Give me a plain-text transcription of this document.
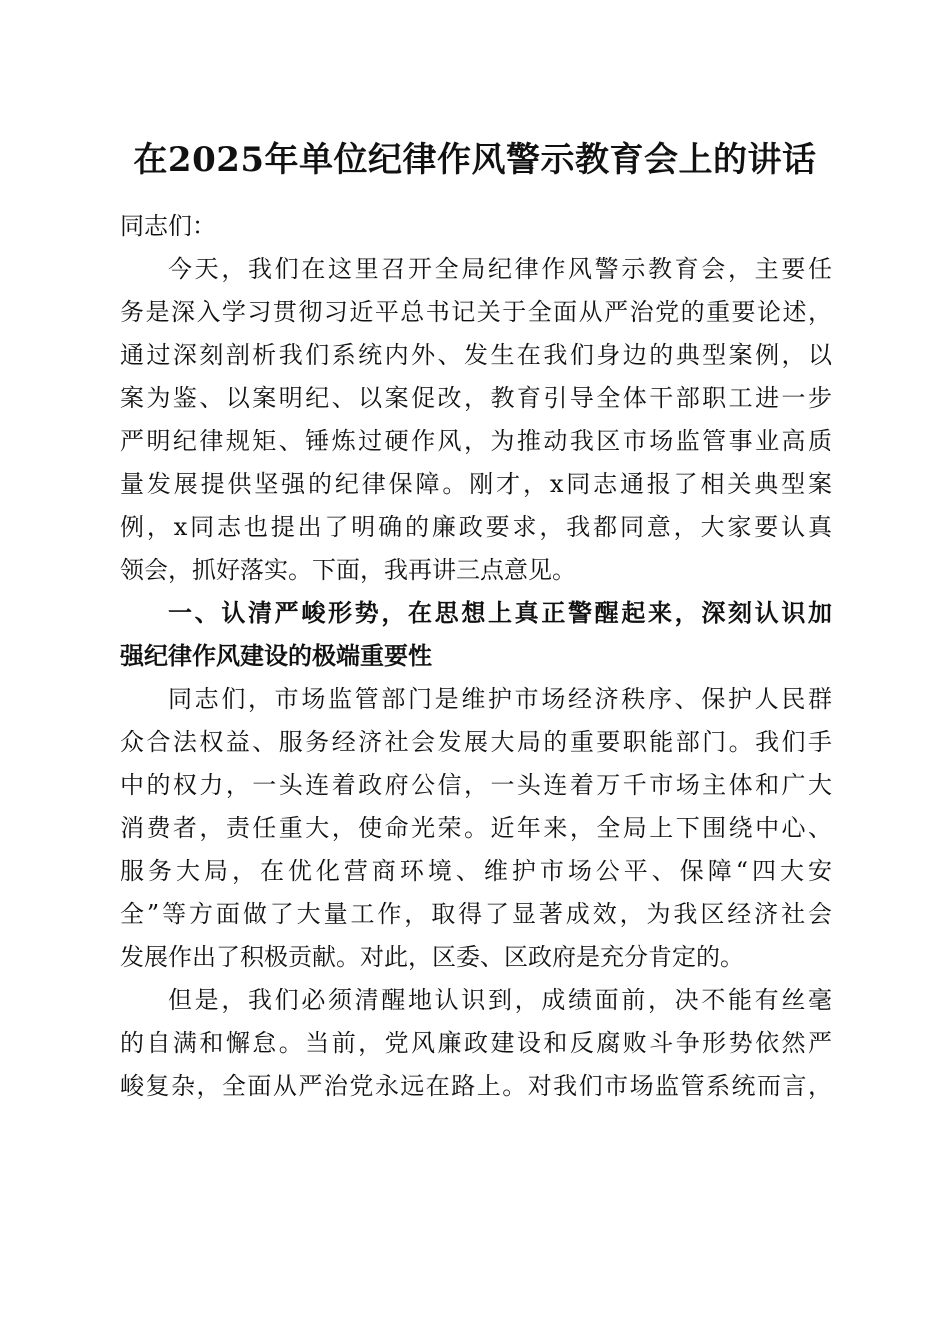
在2025年单位纪律作风警示教育会上的讲话
同志们：
今天，我们在这里召开全局纪律作风警示教育会，主要任
务是深入学习贯彻习近平总书记关于全面从严治党的重要论述，
通过深刻剖析我们系统内外、发生在我们身边的典型案例，以
案为鉴、以案明纪、以案促改，教育引导全体干部职工进一步
严明纪律规矩、锤炼过硬作风，为推动我区市场监管事业高质
量发展提供坚强的纪律保障。刚才，x同志通报了相关典型案
例，x同志也提出了明确的廉政要求，我都同意，大家要认真
领会，抓好落实。下面，我再讲三点意见。
一、认清严峻形势，在思想上真正警醒起来，深刻认识加
强纪律作风建设的极端重要性
同志们，市场监管部门是维护市场经济秩序、保护人民群
众合法权益、服务经济社会发展大局的重要职能部门。我们手
中的权力，一头连着政府公信，一头连着万千市场主体和广大
消费者，责任重大，使命光荣。近年来，全局上下围绕中心、
服务大局，在优化营商环境、维护市场公平、保障“四大安
全”等方面做了大量工作，取得了显著成效，为我区经济社会
发展作出了积极贡献。对此，区委、区政府是充分肯定的。
但是，我们必须清醒地认识到，成绩面前，决不能有丝毫
的自满和懈怠。当前，党风廉政建设和反腐败斗争形势依然严
峻复杂，全面从严治党永远在路上。对我们市场监管系统而言，
